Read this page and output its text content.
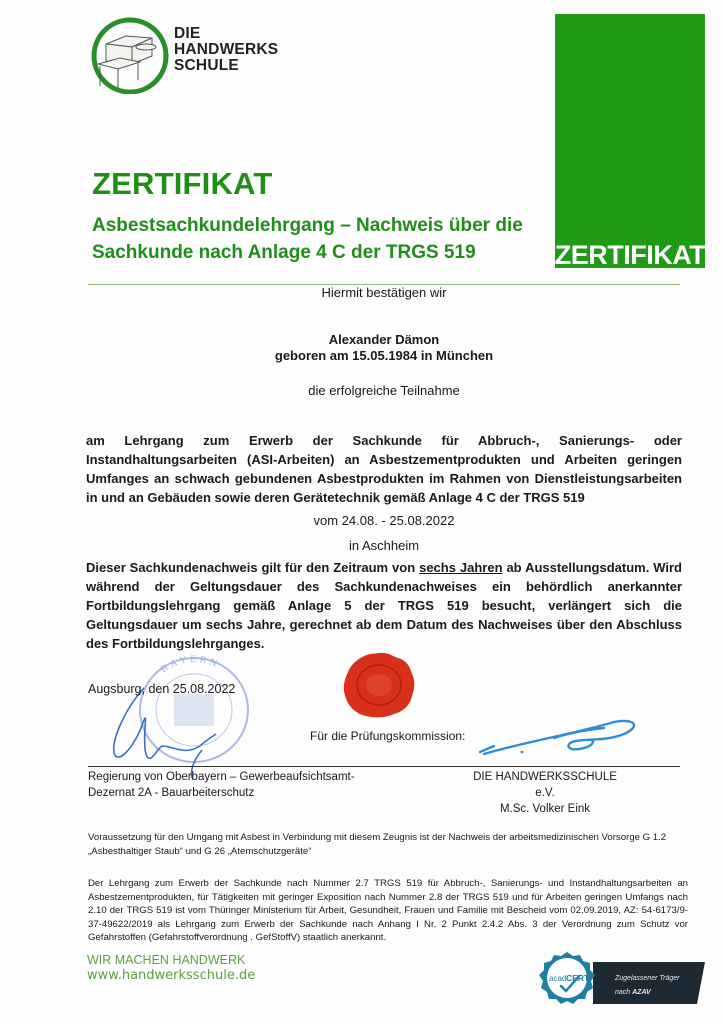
DIE
HANDWERKS
SCHULE
ZERTIFIKAT
ZERTIFIKAT
Asbestsachkundelehrgang – Nachweis über die
Sachkunde nach Anlage 4 C der TRGS 519
Hiermit bestätigen wir
Alexander Dämon
geboren am 15.05.1984 in München
die erfolgreiche Teilnahme
am Lehrgang zum Erwerb der Sachkunde für Abbruch-, Sanierungs- oder Instandhaltungsarbeiten (ASI-Arbeiten) an Asbestzementprodukten und Arbeiten geringen Umfanges an schwach gebundenen Asbestprodukten im Rahmen von Dienstleistungsarbeiten in und an Gebäuden sowie deren Gerätetechnik gemäß Anlage 4 C der TRGS 519
vom 24.08. - 25.08.2022
in Aschheim
Dieser Sachkundenachweis gilt für den Zeitraum von sechs Jahren ab Ausstellungsdatum. Wird während der Geltungsdauer des Sachkundenachweises ein behördlich anerkannter Fortbildungslehrgang gemäß Anlage 5 der TRGS 519 besucht, verlängert sich die Geltungsdauer um sechs Jahre, gerechnet ab dem Datum des Nachweises über den Abschluss des Fortbildungslehrganges.
BAYERN
Augsburg, den 25.08.2022
Für die Prüfungskommission:
Regierung von Oberbayern – Gewerbeaufsichtsamt-
Dezernat 2A - Bauarbeiterschutz
DIE HANDWERKSSCHULE e.V.
M.Sc. Volker Eink
Voraussetzung für den Umgang mit Asbest in Verbindung mit diesem Zeugnis ist der Nachweis der arbeitsmedizinischen Vorsorge G 1.2 „Asbesthaltiger Staub“ und G 26 „Atemschutzgeräte“
Der Lehrgang zum Erwerb der Sachkunde nach Nummer 2.7 TRGS 519 für Abbruch-, Sanierungs- und Instandhaltungsarbeiten an Asbestzementprodukten, für Tätigkeiten mit geringer Exposition nach Nummer 2.8 der TRGS 519 und für Arbeiten geringen Umfangs nach 2.10 der TRGS 519 ist vom Thüringer Ministerium für Arbeit, Gesundheit, Frauen und Familie mit Bescheid vom 02.09.2019, AZ: 54-6173/9-37-49622/2019 als Lehrgang zum Erwerb der Sachkunde nach Anhang I Nr. 2 Punkt 2.4.2 Abs. 3 der Verordnung zum Schutz vor Gefahrstoffen (Gefahrstoffverordnung . GefStoffV) staatlich anerkannt.
WIR MACHEN HANDWERK
www.handwerksschule.de	Zugelassener Träger
nach AZAV
acad CERT
